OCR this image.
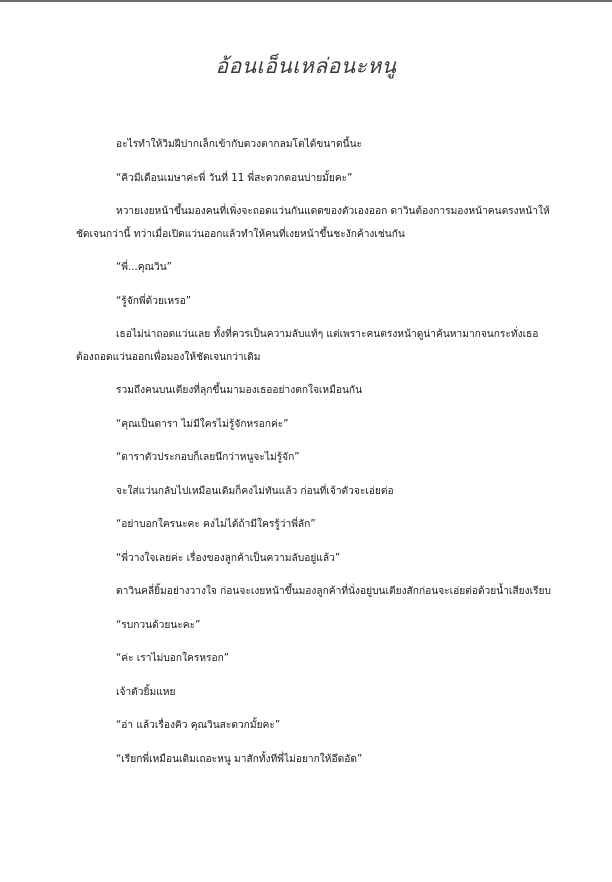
อ้อนเอ็นเหล่อนะหนู

อะไรทำให้วิมฝีปากเล็กเข้ากับดวงตากลมโตได้ขนาดนี้นะ

“คิวมีเดือนเมษาค่ะพี่ วันที่ 11 พี่สะดวกตอนบ่ายมั้ยคะ”

หวายเงยหน้าขึ้นมองคนที่เพิ่งจะถอดแว่นกันแดดของตัวเองออก ดาวินต้องการมองหน้าคนตรงหน้าให้ชัดเจนกว่านี้ ทว่าเมื่อเปิดแว่นออกแล้วทำให้คนที่เงยหน้าขึ้นชะงักค้างเช่นกัน

“พี่...คุณวิน”

“รู้จักพี่ด้วยเหรอ”

เธอไม่น่าถอดแว่นเลย ทั้งที่ควรเป็นความลับแท้ๆ แต่เพราะคนตรงหน้าดูน่าค้นหามากจนกระทั่งเธอต้องถอดแว่นออกเพื่อมองให้ชัดเจนกว่าเดิม

รวมถึงคนบนเตียงที่ลุกขึ้นมามองเธออย่างตกใจเหมือนกัน

“คุณเป็นดารา ไม่มีใครไม่รู้จักหรอกค่ะ”

“ดาราตัวประกอบก็เลยนึกว่าหนูจะไม่รู้จัก”

จะใส่แว่นกลับไปเหมือนเดิมก็คงไม่ทันแล้ว ก่อนที่เจ้าตัวจะเอ่ยต่อ

“อย่าบอกใครนะคะ คงไม่ได้ถ้ามีใครรู้ว่าพี่ลัก”

“พี่วางใจเลยค่ะ เรื่องของลูกค้าเป็นความลับอยู่แล้ว”

ดาวินคลี่ยิ้มอย่างวางใจ ก่อนจะเงยหน้าขึ้นมองลูกค้าที่นั่งอยู่บนเตียงสักก่อนจะเอ่ยต่อด้วยน้ำเสียงเรียบ

“รบกวนด้วยนะคะ”

“ค่ะ เราไม่บอกใครหรอก”

เจ้าตัวยิ้มแหย

“อ่า แล้วเรื่องคิว คุณวินสะดวกมั้ยคะ”

“เรียกพี่เหมือนเดิมเถอะหนู มาสักทั้งทีพี่ไม่อยากให้อึดอัด”
